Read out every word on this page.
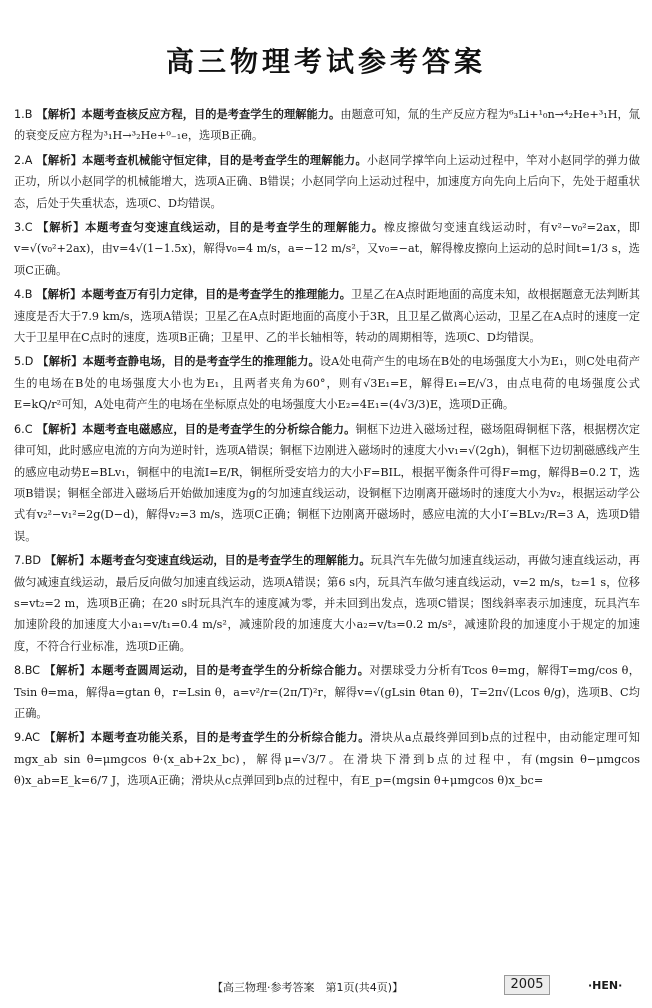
高三物理考试参考答案

1.B 【解析】本题考查核反应方程，目的是考查学生的理解能力。由题意可知，氚的生产反应方程为⁶₃Li+¹₀n→⁴₂He+³₁H，氚的衰变反应方程为³₁H→³₂He+⁰₋₁e，选项B正确。

2.A 【解析】本题考查机械能守恒定律，目的是考查学生的理解能力。小赵同学撑竿向上运动过程中，竿对小赵同学的弹力做正功，所以小赵同学的机械能增大，选项A正确、B错误；小赵同学向上运动过程中，加速度方向先向上后向下，先处于超重状态，后处于失重状态，选项C、D均错误。

3.C 【解析】本题考查匀变速直线运动，目的是考查学生的理解能力。橡皮擦做匀变速直线运动时，有v²−v₀²=2ax，即v=√(v₀²+2ax)，由v=4√(1−1.5x)，解得v₀=4 m/s，a=−12 m/s²，又v₀=−at，解得橡皮擦向上运动的总时间t=1/3 s，选项C正确。

4.B 【解析】本题考查万有引力定律，目的是考查学生的推理能力。卫星乙在A点时距地面的高度未知，故根据题意无法判断其速度是否大于7.9 km/s，选项A错误；卫星乙在A点时距地面的高度小于3R，且卫星乙做离心运动，卫星乙在A点时的速度一定大于卫星甲在C点时的速度，选项B正确；卫星甲、乙的半长轴相等，转动的周期相等，选项C、D均错误。

5.D 【解析】本题考查静电场，目的是考查学生的推理能力。设A处电荷产生的电场在B处的电场强度大小为E₁，则C处电荷产生的电场在B处的电场强度大小也为E₁，且两者夹角为60°，则有√3E₁=E，解得E₁=E/√3，由点电荷的电场强度公式E=kQ/r²可知，A处电荷产生的电场在坐标原点处的电场强度大小E₂=4E₁=(4√3/3)E，选项D正确。

6.C 【解析】本题考查电磁感应，目的是考查学生的分析综合能力。铜框下边进入磁场过程，磁场阻碍铜框下落，根据楞次定律可知，此时感应电流的方向为逆时针，选项A错误；铜框下边刚进入磁场时的速度大小v₁=√(2gh)，铜框下边切割磁感线产生的感应电动势E=BLv₁，铜框中的电流I=E/R，铜框所受安培力的大小F=BIL，根据平衡条件可得F=mg，解得B=0.2 T，选项B错误；铜框全部进入磁场后开始做加速度为g的匀加速直线运动，设铜框下边刚离开磁场时的速度大小为v₂，根据运动学公式有v₂²−v₁²=2g(D−d)，解得v₂=3 m/s，选项C正确；铜框下边刚离开磁场时，感应电流的大小I′=BLv₂/R=3 A，选项D错误。

7.BD 【解析】本题考查匀变速直线运动，目的是考查学生的理解能力。玩具汽车先做匀加速直线运动，再做匀速直线运动，再做匀减速直线运动，最后反向做匀加速直线运动，选项A错误；第6 s内，玩具汽车做匀速直线运动，v=2 m/s，t₂=1 s，位移s=vt₂=2 m，选项B正确；在20 s时玩具汽车的速度减为零，并未回到出发点，选项C错误；图线斜率表示加速度，玩具汽车加速阶段的加速度大小a₁=v/t₁=0.4 m/s²，减速阶段的加速度大小a₂=v/t₃=0.2 m/s²，减速阶段的加速度小于规定的加速度，不符合行业标准，选项D正确。

8.BC 【解析】本题考查圆周运动，目的是考查学生的分析综合能力。对摆球受力分析有Tcos θ=mg，解得T=mg/cos θ，Tsin θ=ma，解得a=gtan θ，r=Lsin θ，a=v²/r=(2π/T)²r，解得v=√(gLsin θtan θ)，T=2π√(Lcos θ/g)，选项B、C均正确。

9.AC 【解析】本题考查功能关系，目的是考查学生的分析综合能力。滑块从a点最终弹回到b点的过程中，由动能定理可知mgx_ab sin θ=μmgcos θ·(x_ab+2x_bc)，解得μ=√3/7。在滑块下滑到b点的过程中，有(mgsin θ−μmgcos θ)x_ab=E_k=6/7 J，选项A正确；滑块从c点弹回到b点的过程中，有E_p=(mgsin θ+μmgcos θ)x_bc=

【高三物理·参考答案　第1页(共4页)】	2005	·HEN·
